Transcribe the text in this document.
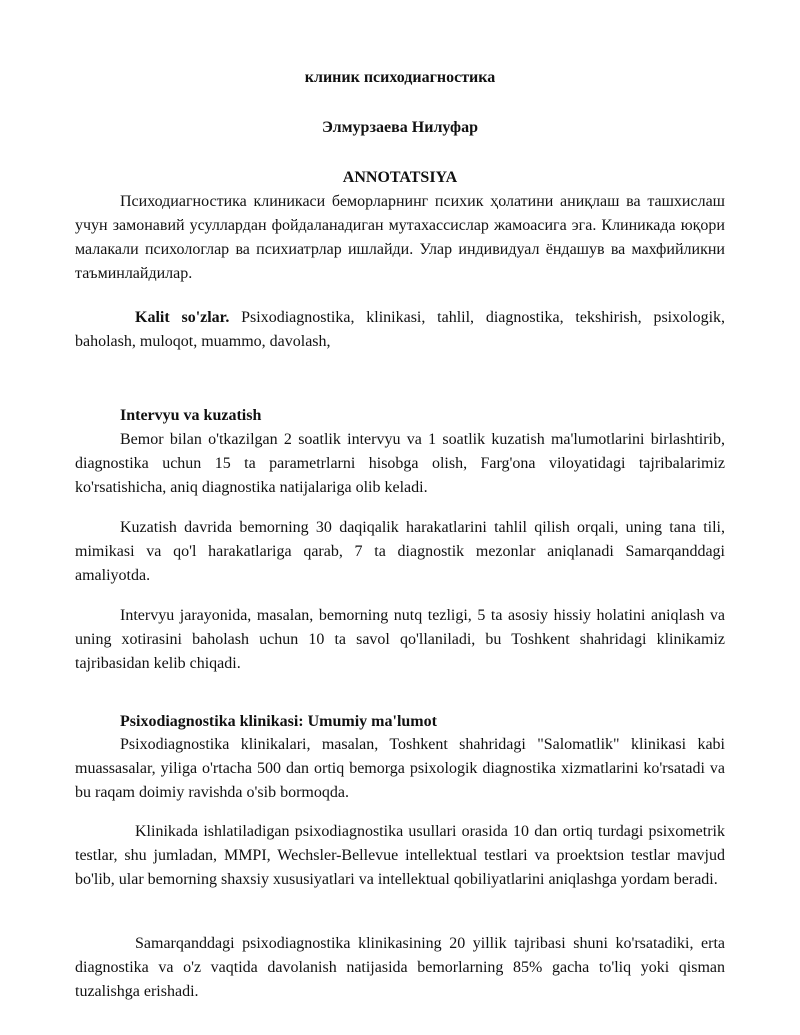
клиник психодиагностика

Элмурзаева Нилуфар

ANNOTATSIYA

Психодиагностика клиникаси беморларнинг психик ҳолатини аниқлаш ва ташхислаш учун замонавий усуллардан фойдаланадиган мутахассислар жамоасига эга. Клиникада юқори малакали психологлар ва психиатрлар ишлайди. Улар индивидуал ёндашув ва махфийликни таъминлайдилар.

Kalit so'zlar. Psixodiagnostika, klinikasi, tahlil, diagnostika, tekshirish, psixologik, baholash, muloqot, muammo, davolash,

Intervyu va kuzatish

Bemor bilan o'tkazilgan 2 soatlik intervyu va 1 soatlik kuzatish ma'lumotlarini birlashtirib, diagnostika uchun 15 ta parametrlarni hisobga olish, Farg'ona viloyatidagi tajribalarimiz ko'rsatishicha, aniq diagnostika natijalariga olib keladi.

Kuzatish davrida bemorning 30 daqiqalik harakatlarini tahlil qilish orqali, uning tana tili, mimikasi va qo'l harakatlariga qarab, 7 ta diagnostik mezonlar aniqlanadi Samarqanddagi amaliyotda.

Intervyu jarayonida, masalan, bemorning nutq tezligi, 5 ta asosiy hissiy holatini aniqlash va uning xotirasini baholash uchun 10 ta savol qo'llaniladi, bu Toshkent shahridagi klinikamiz tajribasidan kelib chiqadi.

Psixodiagnostika klinikasi: Umumiy ma'lumot

Psixodiagnostika klinikalari, masalan, Toshkent shahridagi "Salomatlik" klinikasi kabi muassasalar, yiliga o'rtacha 500 dan ortiq bemorga psixologik diagnostika xizmatlarini ko'rsatadi va bu raqam doimiy ravishda o'sib bormoqda.

Klinikada ishlatiladigan psixodiagnostika usullari orasida 10 dan ortiq turdagi psixometrik testlar, shu jumladan, MMPI, Wechsler-Bellevue intellektual testlari va proektsion testlar mavjud bo'lib, ular bemorning shaxsiy xususiyatlari va intellektual qobiliyatlarini aniqlashga yordam beradi.

Samarqanddagi psixodiagnostika klinikasining 20 yillik tajribasi shuni ko'rsatadiki, erta diagnostika va o'z vaqtida davolanish natijasida bemorlarning 85% gacha to'liq yoki qisman tuzalishga erishadi.
